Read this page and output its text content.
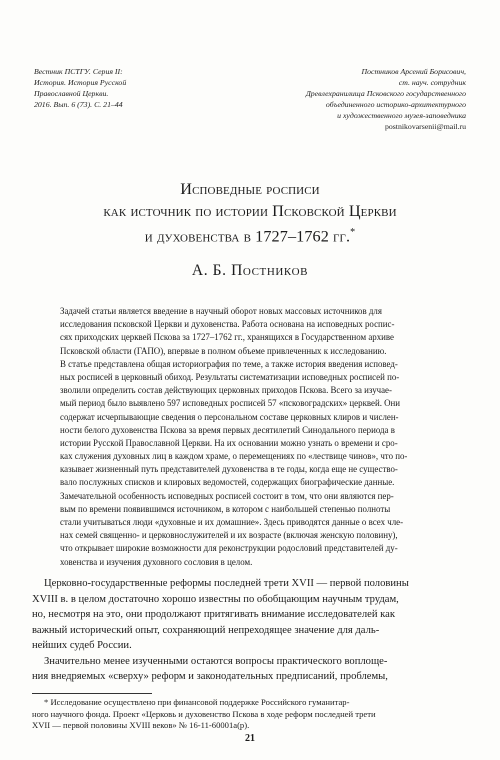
Вестник ПСТГУ. Серия II:
История. История Русской
Православной Церкви.
2016. Вып. 6 (73). С. 21–44
Постников Арсений Борисович,
ст. науч. сотрудник
Древлехранилища Псковского государственного
объединенного историко-архитектурного
и художественного музея-заповедника
postnikovarsenii@mail.ru
Исповедные росписи
как источник по истории Псковской Церкви
и духовенства в 1727–1762 гг.*
А. Б. Постников
Задачей статьи является введение в научный оборот новых массовых источников для
исследования псковской Церкви и духовенства. Работа основана на исповедных роспис-
сях приходских церквей Пскова за 1727–1762 гг., хранящихся в Государственном архиве
Псковской области (ГАПО), впервые в полном объеме привлеченных к исследованию.
В статье представлена общая историография по теме, а также история введения исповед-
ных росписей в церковный обиход. Результаты систематизации исповедных росписей по-
зволили определить состав действующих церковных приходов Пскова. Всего за изучае-
мый период было выявлено 597 исповедных росписей 57 «псковоградских» церквей. Они
содержат исчерпывающие сведения о персональном составе церковных клиров и числен-
ности белого духовенства Пскова за время первых десятилетий Синодального периода в
истории Русской Православной Церкви. На их основании можно узнать о времени и сро-
ках служения духовных лиц в каждом храме, о перемещениях по «лествице чинов», что по-
казывает жизненный путь представителей духовенства в те годы, когда еще не существо-
вало послужных списков и клировых ведомостей, содержащих биографические данные.
Замечательной особенность исповедных росписей состоит в том, что они являются пер-
вым по времени появившимся источником, в котором с наибольшей степенью полноты
стали учитываться люди «духовные и их домашние». Здесь приводятся данные о всех чле-
нах семей священно- и церковнослужителей и их возрасте (включая женскую половину),
что открывает широкие возможности для реконструкции родословий представителей ду-
ховенства и изучения духовного сословия в целом.
Церковно-государственные реформы последней трети XVII — первой половины
XVIII в. в целом достаточно хорошо известны по обобщающим научным трудам,
но, несмотря на это, они продолжают притягивать внимание исследователей как
важный исторический опыт, сохраняющий непреходящее значение для даль-
нейших судеб России.
Значительно менее изученными остаются вопросы практического воплоще-
ния внедряемых «сверху» реформ и законодательных предписаний, проблемы,
* Исследование осуществлено при финансовой поддержке Российского гуманитар-
ного научного фонда. Проект «Церковь и духовенство Пскова в ходе реформ последней трети
XVII — первой половины XVIII веков» № 16-11-60001а(р).
21
